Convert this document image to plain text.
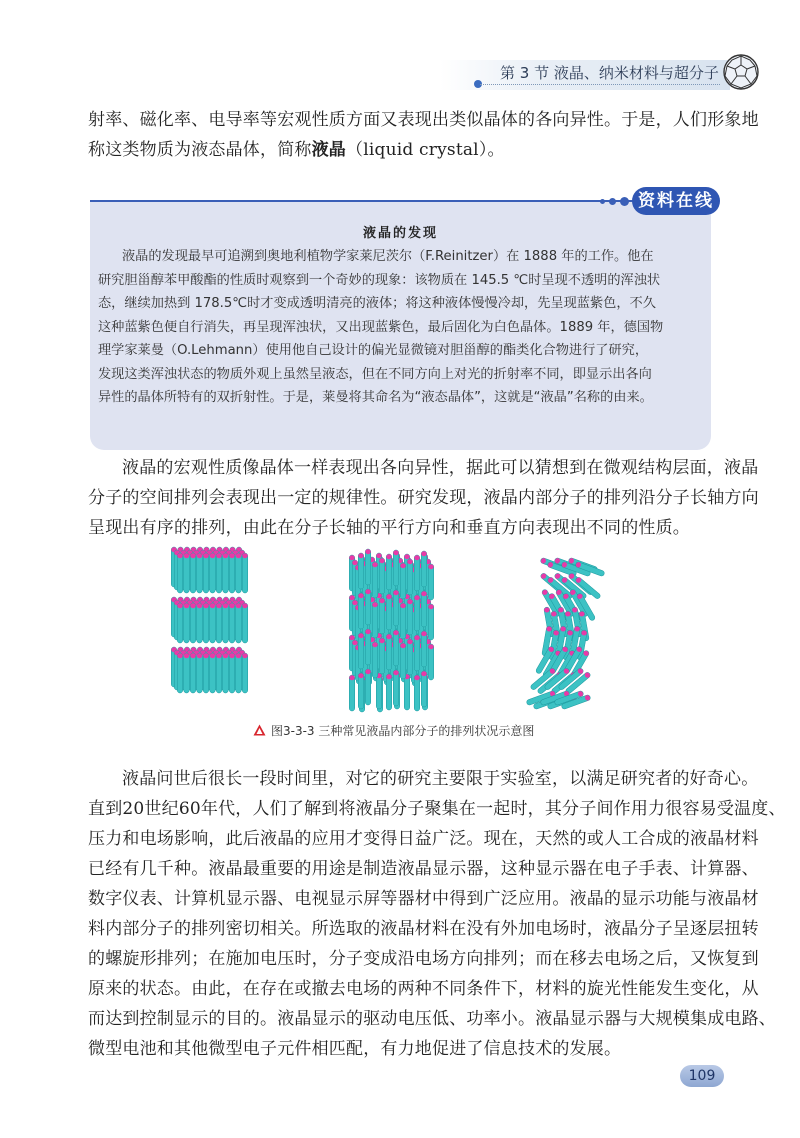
第 3 节 液晶、纳米材料与超分子

射率、磁化率、电导率等宏观性质方面又表现出类似晶体的各向异性。于是，人们形象地

称这类物质为液态晶体，简称液晶（liquid crystal）。

资料在线
液晶的发现

液晶的发现最早可追溯到奥地利植物学家莱尼茨尔（F.Reinitzer）在 1888 年的工作。他在

研究胆甾醇苯甲酸酯的性质时观察到一个奇妙的现象：该物质在 145.5 ℃时呈现不透明的浑浊状

态，继续加热到 178.5℃时才变成透明清亮的液体；将这种液体慢慢冷却，先呈现蓝紫色，不久

这种蓝紫色便自行消失，再呈现浑浊状，又出现蓝紫色，最后固化为白色晶体。1889 年，德国物

理学家莱曼（O.Lehmann）使用他自己设计的偏光显微镜对胆甾醇的酯类化合物进行了研究，

发现这类浑浊状态的物质外观上虽然呈液态，但在不同方向上对光的折射率不同，即显示出各向

异性的晶体所特有的双折射性。于是，莱曼将其命名为“液态晶体”，这就是“液晶”名称的由来。

液晶的宏观性质像晶体一样表现出各向异性，据此可以猜想到在微观结构层面，液晶

分子的空间排列会表现出一定的规律性。研究发现，液晶内部分子的排列沿分子长轴方向

呈现出有序的排列，由此在分子长轴的平行方向和垂直方向表现出不同的性质。

图3-3-3 三种常见液晶内部分子的排列状况示意图

液晶问世后很长一段时间里，对它的研究主要限于实验室，以满足研究者的好奇心。

直到20世纪60年代，人们了解到将液晶分子聚集在一起时，其分子间作用力很容易受温度、

压力和电场影响，此后液晶的应用才变得日益广泛。现在，天然的或人工合成的液晶材料

已经有几千种。液晶最重要的用途是制造液晶显示器，这种显示器在电子手表、计算器、

数字仪表、计算机显示器、电视显示屏等器材中得到广泛应用。液晶的显示功能与液晶材

料内部分子的排列密切相关。所选取的液晶材料在没有外加电场时，液晶分子呈逐层扭转

的螺旋形排列；在施加电压时，分子变成沿电场方向排列；而在移去电场之后，又恢复到

原来的状态。由此，在存在或撤去电场的两种不同条件下，材料的旋光性能发生变化，从

而达到控制显示的目的。液晶显示的驱动电压低、功率小。液晶显示器与大规模集成电路、

微型电池和其他微型电子元件相匹配，有力地促进了信息技术的发展。

109
